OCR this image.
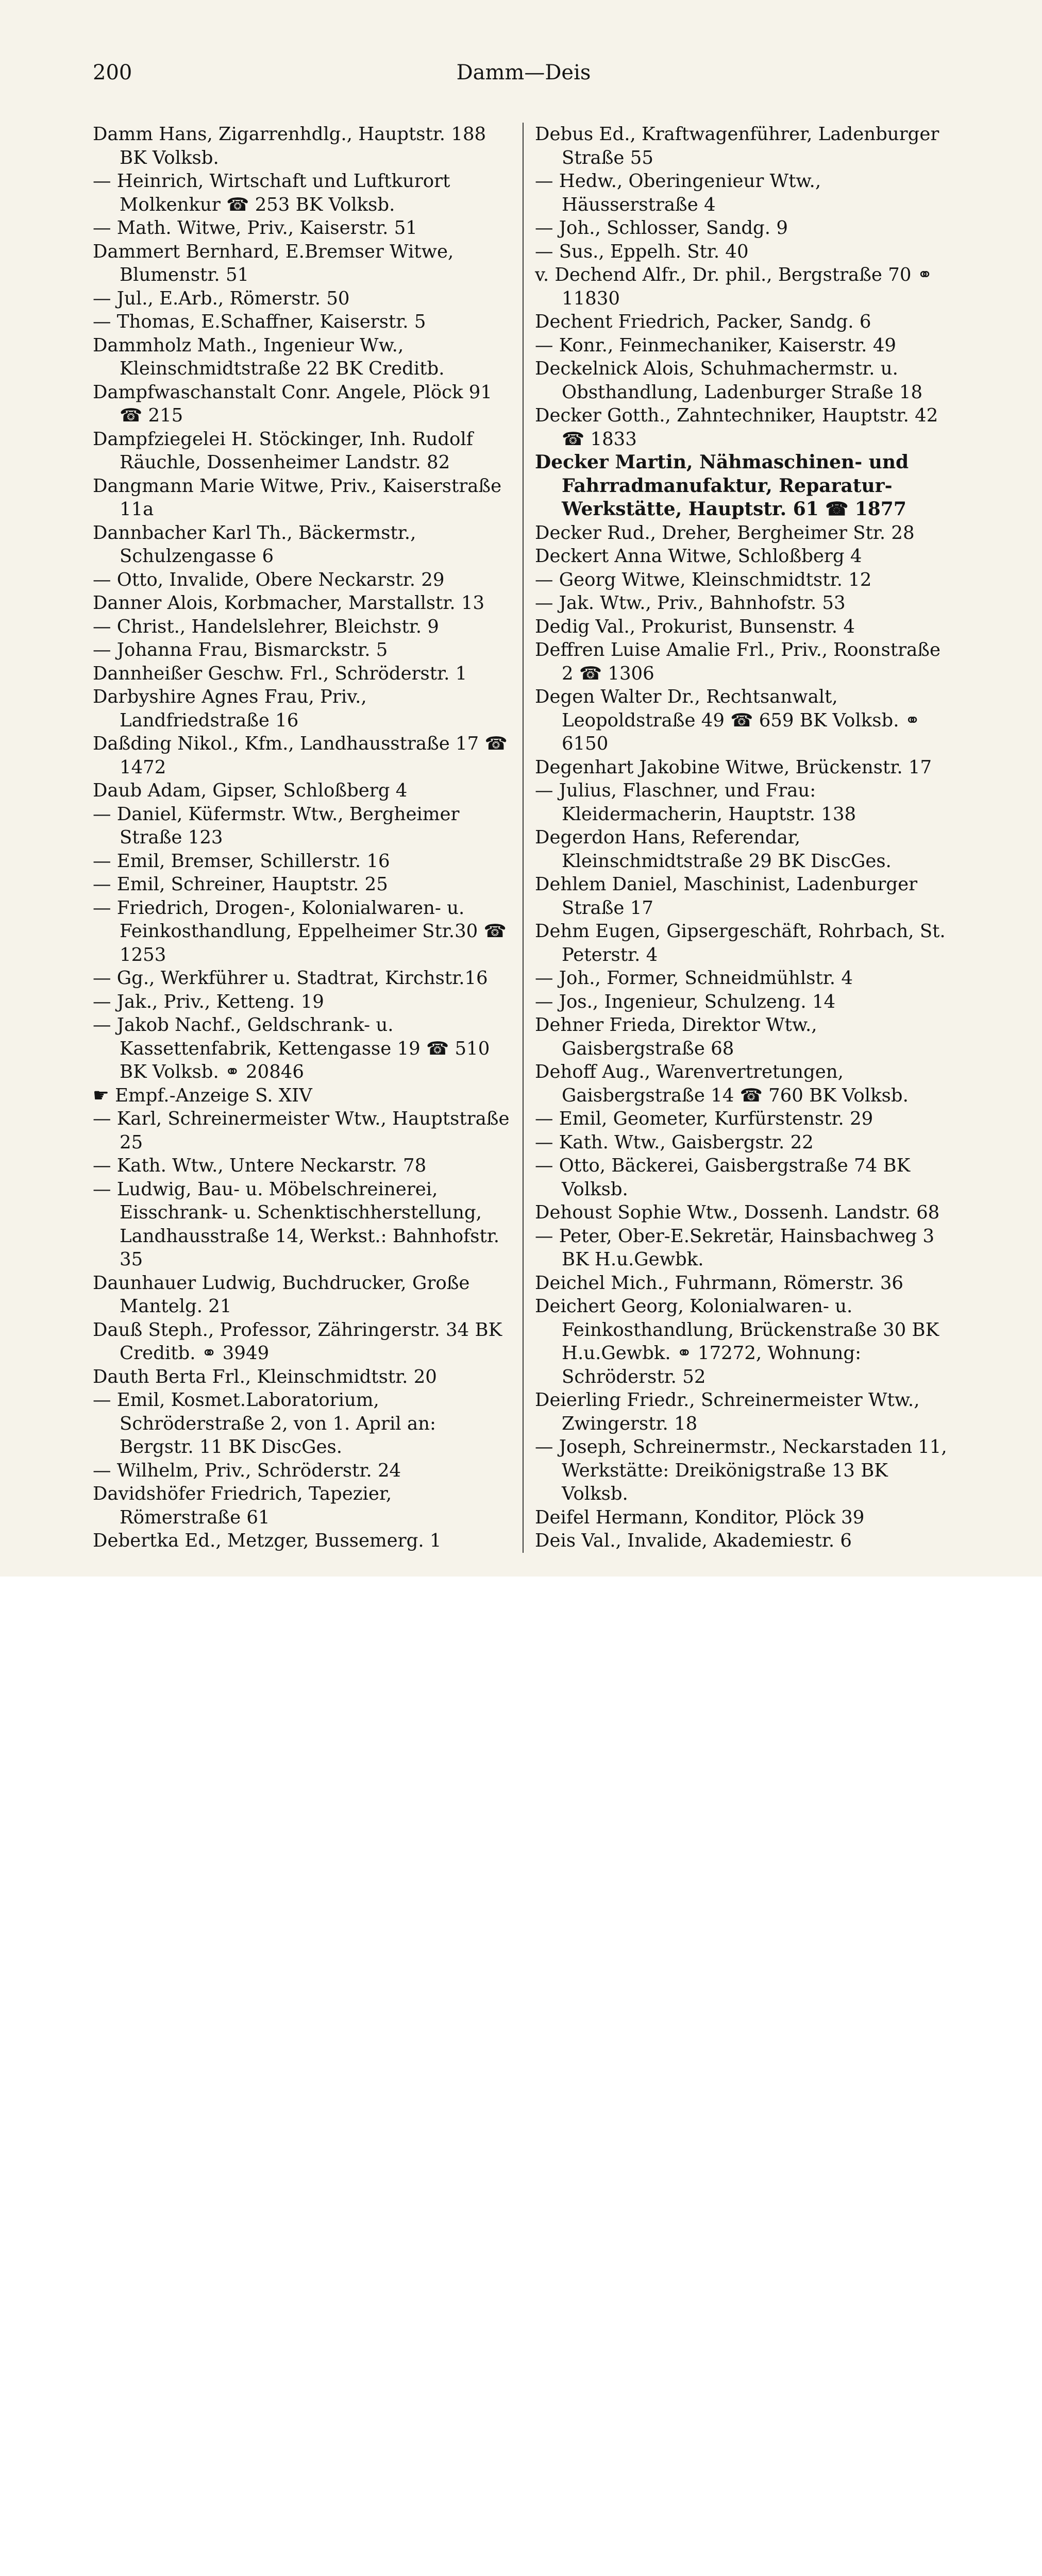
200	Damm—Deis
Damm Hans, Zigarrenhdlg., Hauptstr. 188 BK Volksb.
— Heinrich, Wirtschaft und Luftkurort Molkenkur ☎ 253 BK Volksb.
— Math. Witwe, Priv., Kaiserstr. 51
Dammert Bernhard, E.Bremser Witwe, Blumenstr. 51
— Jul., E.Arb., Römerstr. 50
— Thomas, E.Schaffner, Kaiserstr. 5
Dammholz Math., Ingenieur Ww., Kleinschmidtstraße 22 BK Creditb.
Dampfwaschanstalt Conr. Angele, Plöck 91 ☎ 215
Dampfziegelei H. Stöckinger, Inh. Rudolf Räuchle, Dossenheimer Landstr. 82
Dangmann Marie Witwe, Priv., Kaiserstraße 11a
Dannbacher Karl Th., Bäckermstr., Schulzengasse 6
— Otto, Invalide, Obere Neckarstr. 29
Danner Alois, Korbmacher, Marstallstr. 13
— Christ., Handelslehrer, Bleichstr. 9
— Johanna Frau, Bismarckstr. 5
Dannheißer Geschw. Frl., Schröderstr. 1
Darbyshire Agnes Frau, Priv., Landfriedstraße 16
Daßding Nikol., Kfm., Landhausstraße 17 ☎ 1472
Daub Adam, Gipser, Schloßberg 4
— Daniel, Küfermstr. Wtw., Bergheimer Straße 123
— Emil, Bremser, Schillerstr. 16
— Emil, Schreiner, Hauptstr. 25
— Friedrich, Drogen-, Kolonialwaren- u. Feinkosthandlung, Eppelheimer Str.30 ☎ 1253
— Gg., Werkführer u. Stadtrat, Kirchstr.16
— Jak., Priv., Ketteng. 19
— Jakob Nachf., Geldschrank- u. Kassettenfabrik, Kettengasse 19 ☎ 510 BK Volksb. ⚭ 20846
☛ Empf.-Anzeige S. XIV
— Karl, Schreinermeister Wtw., Hauptstraße 25
— Kath. Wtw., Untere Neckarstr. 78
— Ludwig, Bau- u. Möbelschreinerei, Eisschrank- u. Schenktischherstellung, Landhausstraße 14, Werkst.: Bahnhofstr. 35
Daunhauer Ludwig, Buchdrucker, Große Mantelg. 21
Dauß Steph., Professor, Zähringerstr. 34 BK Creditb. ⚭ 3949
Dauth Berta Frl., Kleinschmidtstr. 20
— Emil, Kosmet.Laboratorium, Schröderstraße 2, von 1. April an: Bergstr. 11 BK DiscGes.
— Wilhelm, Priv., Schröderstr. 24
Davidshöfer Friedrich, Tapezier, Römerstraße 61
Debertka Ed., Metzger, Bussemerg. 1
Debus Ed., Kraftwagenführer, Ladenburger Straße 55
— Hedw., Oberingenieur Wtw., Häusserstraße 4
— Joh., Schlosser, Sandg. 9
— Sus., Eppelh. Str. 40
v. Dechend Alfr., Dr. phil., Bergstraße 70 ⚭ 11830
Dechent Friedrich, Packer, Sandg. 6
— Konr., Feinmechaniker, Kaiserstr. 49
Deckelnick Alois, Schuhmachermstr. u. Obsthandlung, Ladenburger Straße 18
Decker Gotth., Zahntechniker, Hauptstr. 42 ☎ 1833
Decker Martin, Nähmaschinen- und Fahrradmanufaktur, Reparatur-Werkstätte, Hauptstr. 61 ☎ 1877
Decker Rud., Dreher, Bergheimer Str. 28
Deckert Anna Witwe, Schloßberg 4
— Georg Witwe, Kleinschmidtstr. 12
— Jak. Wtw., Priv., Bahnhofstr. 53
Dedig Val., Prokurist, Bunsenstr. 4
Deffren Luise Amalie Frl., Priv., Roonstraße 2 ☎ 1306
Degen Walter Dr., Rechtsanwalt, Leopoldstraße 49 ☎ 659 BK Volksb. ⚭ 6150
Degenhart Jakobine Witwe, Brückenstr. 17
— Julius, Flaschner, und Frau: Kleidermacherin, Hauptstr. 138
Degerdon Hans, Referendar, Kleinschmidtstraße 29 BK DiscGes.
Dehlem Daniel, Maschinist, Ladenburger Straße 17
Dehm Eugen, Gipsergeschäft, Rohrbach, St. Peterstr. 4
— Joh., Former, Schneidmühlstr. 4
— Jos., Ingenieur, Schulzeng. 14
Dehner Frieda, Direktor Wtw., Gaisbergstraße 68
Dehoff Aug., Warenvertretungen, Gaisbergstraße 14 ☎ 760 BK Volksb.
— Emil, Geometer, Kurfürstenstr. 29
— Kath. Wtw., Gaisbergstr. 22
— Otto, Bäckerei, Gaisbergstraße 74 BK Volksb.
Dehoust Sophie Wtw., Dossenh. Landstr. 68
— Peter, Ober-E.Sekretär, Hainsbachweg 3 BK H.u.Gewbk.
Deichel Mich., Fuhrmann, Römerstr. 36
Deichert Georg, Kolonialwaren- u. Feinkosthandlung, Brückenstraße 30 BK H.u.Gewbk. ⚭ 17272, Wohnung: Schröderstr. 52
Deierling Friedr., Schreinermeister Wtw., Zwingerstr. 18
— Joseph, Schreinermstr., Neckarstaden 11, Werkstätte: Dreikönigstraße 13 BK Volksb.
Deifel Hermann, Konditor, Plöck 39
Deis Val., Invalide, Akademiestr. 6
